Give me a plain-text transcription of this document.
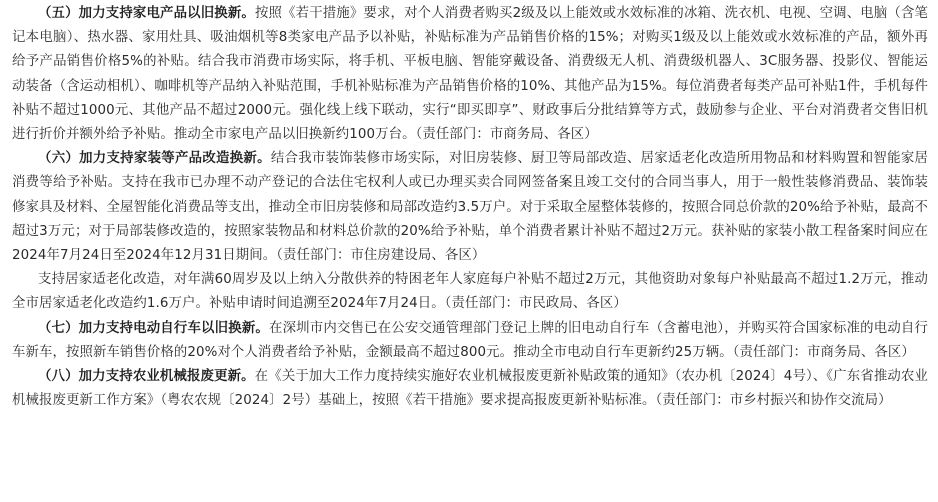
（五）加力支持家电产品以旧换新。按照《若干措施》要求，对个人消费者购买2级及以上能效或水效标准的冰箱、洗衣机、电视、空调、电脑（含笔记本电脑）、热水器、家用灶具、吸油烟机等8类家电产品予以补贴，补贴标准为产品销售价格的15%；对购买1级及以上能效或水效标准的产品，额外再给予产品销售价格5%的补贴。结合我市消费市场实际，将手机、平板电脑、智能穿戴设备、消费级无人机、消费级机器人、3C服务器、投影仪、智能运动装备（含运动相机）、咖啡机等产品纳入补贴范围，手机补贴标准为产品销售价格的10%、其他产品为15%。每位消费者每类产品可补贴1件，手机每件补贴不超过1000元、其他产品不超过2000元。强化线上线下联动，实行“即买即享”、财政事后分批结算等方式，鼓励参与企业、平台对消费者交售旧机进行折价并额外给予补贴。推动全市家电产品以旧换新约100万台。（责任部门：市商务局、各区）

（六）加力支持家装等产品改造换新。结合我市装饰装修市场实际，对旧房装修、厨卫等局部改造、居家适老化改造所用物品和材料购置和智能家居消费等给予补贴。支持在我市已办理不动产登记的合法住宅权利人或已办理买卖合同网签备案且竣工交付的合同当事人，用于一般性装修消费品、装饰装修家具及材料、全屋智能化消费品等支出，推动全市旧房装修和局部改造约3.5万户。对于采取全屋整体装修的，按照合同总价款的20%给予补贴，最高不超过3万元；对于局部装修改造的，按照家装物品和材料总价款的20%给予补贴，单个消费者累计补贴不超过2万元。获补贴的家装小散工程备案时间应在2024年7月24日至2024年12月31日期间。（责任部门：市住房建设局、各区）

支持居家适老化改造，对年满60周岁及以上纳入分散供养的特困老年人家庭每户补贴不超过2万元，其他资助对象每户补贴最高不超过1.2万元，推动全市居家适老化改造约1.6万户。补贴申请时间追溯至2024年7月24日。（责任部门：市民政局、各区）

（七）加力支持电动自行车以旧换新。在深圳市内交售已在公安交通管理部门登记上牌的旧电动自行车（含蓄电池），并购买符合国家标准的电动自行车新车，按照新车销售价格的20%对个人消费者给予补贴，金额最高不超过800元。推动全市电动自行车更新约25万辆。（责任部门：市商务局、各区）

（八）加力支持农业机械报废更新。在《关于加大工作力度持续实施好农业机械报废更新补贴政策的通知》（农办机〔2024〕4号）、《广东省推动农业机械报废更新工作方案》（粤农农规〔2024〕2号）基础上，按照《若干措施》要求提高报废更新补贴标准。（责任部门：市乡村振兴和协作交流局）
